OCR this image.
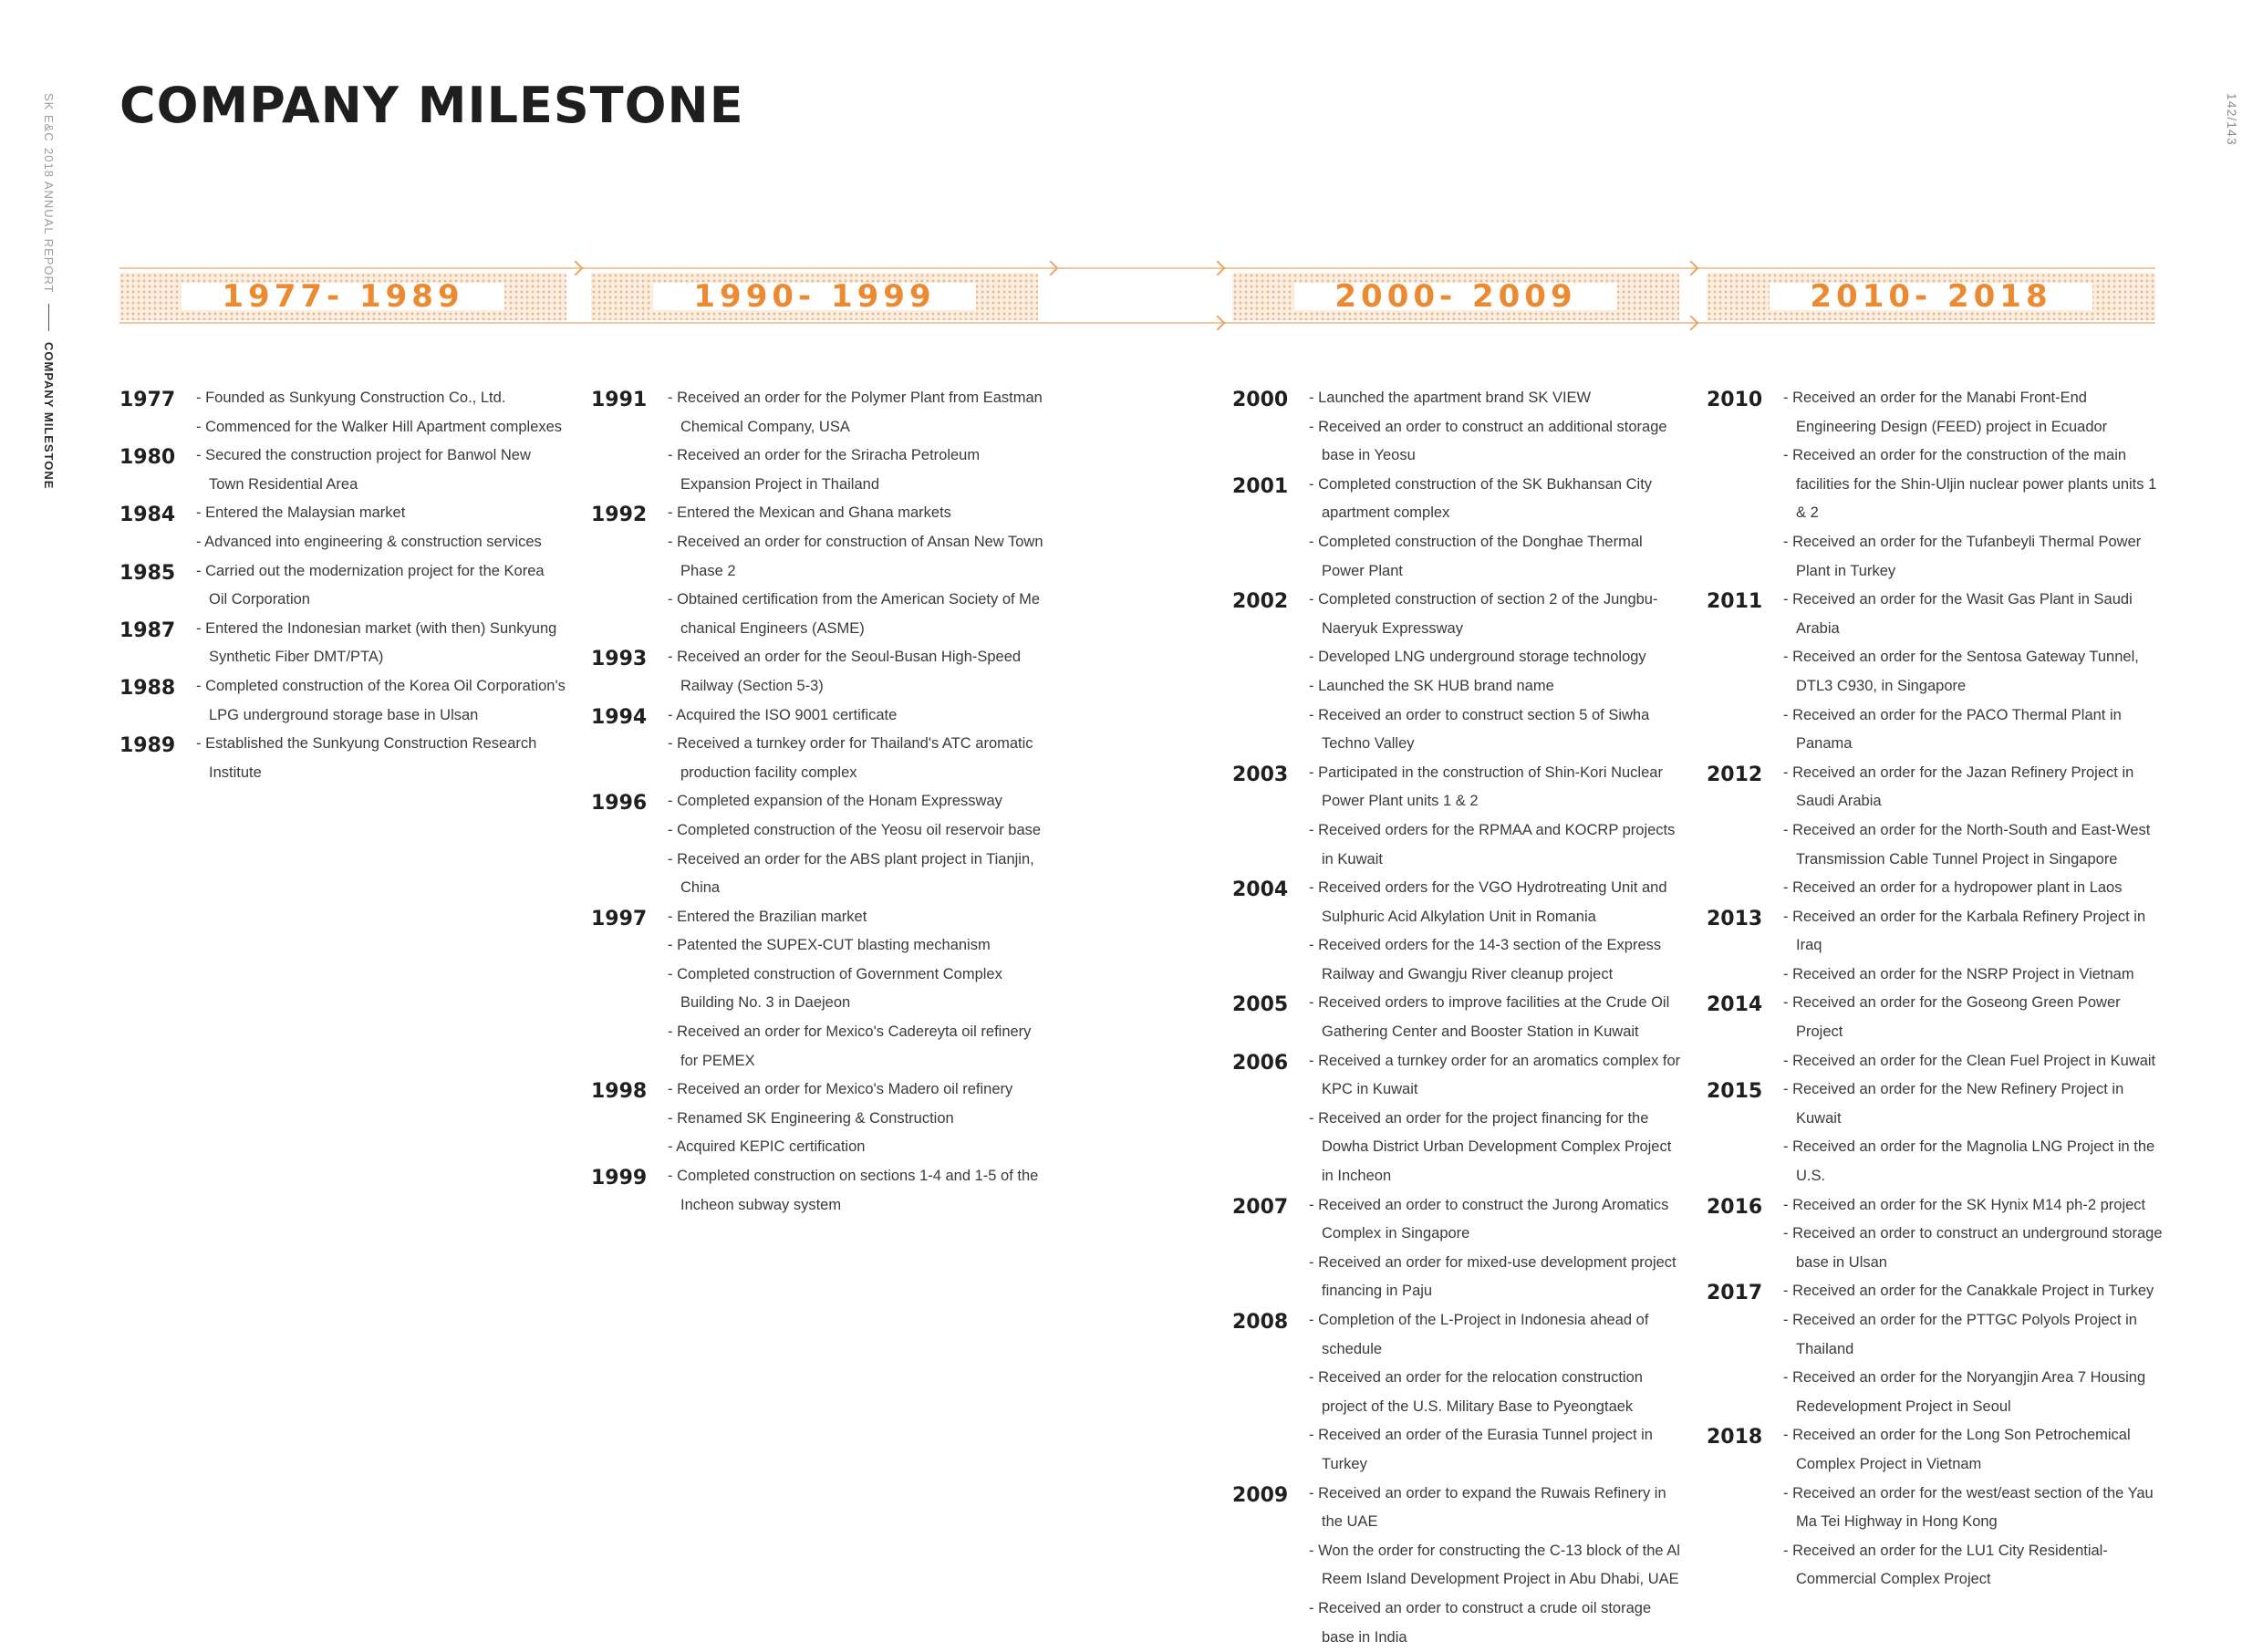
SK E&C
2018 ANNUAL REPORT
COMPANY MILESTONE
142/143
COMPANY MILESTONE
1977- 1989	1990- 1999	2000- 2009	2010- 2018
1977	- Founded as Sunkyung Construction Co., Ltd.
- Commenced for the Walker Hill Apartment complexes
1980	- Secured the construction project for Banwol New Town Residential Area
1984	- Entered the Malaysian market
- Advanced into engineering & construction services
1985	- Carried out the modernization project for the Korea Oil Corporation
1987	- Entered the Indonesian market (with then) Sunkyung Synthetic Fiber DMT/PTA)
1988	- Completed construction of the Korea Oil Corporation's LPG underground storage base in Ulsan
1989	- Established the Sunkyung Construction Research Institute
1991	- Received an order for the Polymer Plant from Eastman Chemical Company, USA
- Received an order for the Sriracha Petroleum Expansion Project in Thailand
1992	- Entered the Mexican and Ghana markets
- Received an order for construction of Ansan New Town Phase 2
- Obtained certification from the American Society of Me chanical Engineers (ASME)
1993	- Received an order for the Seoul-Busan High-Speed Railway (Section 5-3)
1994	- Acquired the ISO 9001 certificate
- Received a turnkey order for Thailand's ATC aromatic production facility complex
1996	- Completed expansion of the Honam Expressway
- Completed construction of the Yeosu oil reservoir base
- Received an order for the ABS plant project in Tianjin, China
1997	- Entered the Brazilian market
- Patented the SUPEX-CUT blasting mechanism
- Completed construction of Government Complex Building No. 3 in Daejeon
- Received an order for Mexico's Cadereyta oil refinery for PEMEX
1998	- Received an order for Mexico's Madero oil refinery
- Renamed SK Engineering & Construction
- Acquired KEPIC certification
1999	- Completed construction on sections 1-4 and 1-5 of the Incheon subway system
2000	- Launched the apartment brand SK VIEW
- Received an order to construct an additional storage base in Yeosu
2001	- Completed construction of the SK Bukhansan City apartment complex
- Completed construction of the Donghae Thermal Power Plant
2002	- Completed construction of section 2 of the Jungbu-Naeryuk Expressway
- Developed LNG underground storage technology
- Launched the SK HUB brand name
- Received an order to construct section 5 of Siwha Techno Valley
2003	- Participated in the construction of Shin-Kori Nuclear Power Plant units 1 & 2
- Received orders for the RPMAA and KOCRP projects in Kuwait
2004	- Received orders for the VGO Hydrotreating Unit and Sulphuric Acid Alkylation Unit in Romania
- Received orders for the 14-3 section of the Express Railway and Gwangju River cleanup project
2005	- Received orders to improve facilities at the Crude Oil Gathering Center and Booster Station in Kuwait
2006	- Received a turnkey order for an aromatics complex for KPC in Kuwait
- Received an order for the project financing for the Dowha District Urban Development Complex Project in Incheon
2007	- Received an order to construct the Jurong Aromatics Complex in Singapore
- Received an order for mixed-use development project financing in Paju
2008	- Completion of the L-Project in Indonesia ahead of schedule
- Received an order for the relocation construction project of the U.S. Military Base to Pyeongtaek
- Received an order of the Eurasia Tunnel project in Turkey
2009	- Received an order to expand the Ruwais Refinery in the UAE
- Won the order for constructing the C-13 block of the Al Reem Island Development Project in Abu Dhabi, UAE
- Received an order to construct a crude oil storage base in India
2010	- Received an order for the Manabi Front-End Engineering Design (FEED) project in Ecuador
- Received an order for the construction of the main facilities for the Shin-Uljin nuclear power plants units 1 & 2
- Received an order for the Tufanbeyli Thermal Power Plant in Turkey
2011	- Received an order for the Wasit Gas Plant in Saudi Arabia
- Received an order for the Sentosa Gateway Tunnel, DTL3 C930, in Singapore
- Received an order for the PACO Thermal Plant in Panama
2012	- Received an order for the Jazan Refinery Project in Saudi Arabia
- Received an order for the North-South and East-West Transmission Cable Tunnel Project in Singapore
- Received an order for a hydropower plant in Laos
2013	- Received an order for the Karbala Refinery Project in Iraq
- Received an order for the NSRP Project in Vietnam
2014	- Received an order for the Goseong Green Power Project
- Received an order for the Clean Fuel Project in Kuwait
2015	- Received an order for the New Refinery Project in Kuwait
- Received an order for the Magnolia LNG Project in the U.S.
2016	- Received an order for the SK Hynix M14 ph-2 project
- Received an order to construct an underground storage base in Ulsan
2017	- Received an order for the Canakkale Project in Turkey
- Received an order for the PTTGC Polyols Project in Thailand
- Received an order for the Noryangjin Area 7 Housing Redevelopment Project in Seoul
2018	- Received an order for the Long Son Petrochemical Complex Project in Vietnam
- Received an order for the west/east section of the Yau Ma Tei Highway in Hong Kong
- Received an order for the LU1 City Residential-Commercial Complex Project
